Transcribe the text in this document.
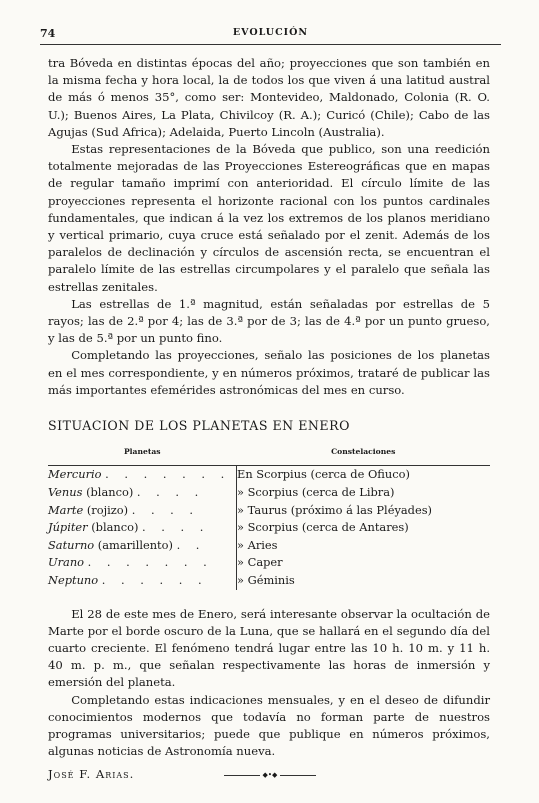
74	EVOLUCIÓN

tra Bóveda en distintas épocas del año; proyecciones que son también en la misma fecha y hora local, la de todos los que viven á una latitud austral de más ó menos 35°, como ser: Montevideo, Maldonado, Colonia (R. O. U.); Buenos Aires, La Plata, Chivilcoy (R. A.); Curicó (Chile); Cabo de las Agujas (Sud Africa); Adelaida, Puerto Lincoln (Australia).

Estas representaciones de la Bóveda que publico, son una reedición totalmente mejoradas de las Proyecciones Estereográficas que en mapas de regular tamaño imprimí con anterioridad. El círculo límite de las proyecciones representa el horizonte racional con los puntos cardinales fundamentales, que indican á la vez los extremos de los planos meridiano y vertical primario, cuya cruce está señalado por el zenit. Además de los paralelos de declinación y círculos de ascensión recta, se encuentran el paralelo límite de las estrellas circumpolares y el paralelo que señala las estrellas zenitales.

Las estrellas de 1.ª magnitud, están señaladas por estrellas de 5 rayos; las de 2.ª por 4; las de 3.ª por de 3; las de 4.ª por un punto grueso, y las de 5.ª por un punto fino.

Completando las proyecciones, señalo las posiciones de los planetas en el mes correspondiente, y en números próximos, trataré de publicar las más importantes efemérides astronómicas del mes en curso.

SITUACION DE LOS PLANETAS EN ENERO

Planetas	Constelaciones
Mercurio . . . . . . .	En Scorpius (cerca de Ofiuco)
Venus (blanco) . . . .	» Scorpius (cerca de Libra)
Marte (rojizo) . . . .	» Taurus (próximo á las Pléyades)
Júpiter (blanco) . . . .	» Scorpius (cerca de Antares)
Saturno (amarillento) . .	» Aries
Urano . . . . . . .	» Caper
Neptuno . . . . . .	» Géminis

El 28 de este mes de Enero, será interesante observar la ocultación de Marte por el borde oscuro de la Luna, que se hallará en el segundo día del cuarto creciente. El fenómeno tendrá lugar entre las 10 h. 10 m. y 11 h. 40 m. p. m., que señalan respectivamente las horas de inmersión y emersión del planeta.

Completando estas indicaciones mensuales, y en el deseo de difundir conocimientos modernos que todavía no forman parte de nuestros programas universitarios; puede que publique en números próximos, algunas noticias de Astronomía nueva.

José F. Arias.	◆•◆
